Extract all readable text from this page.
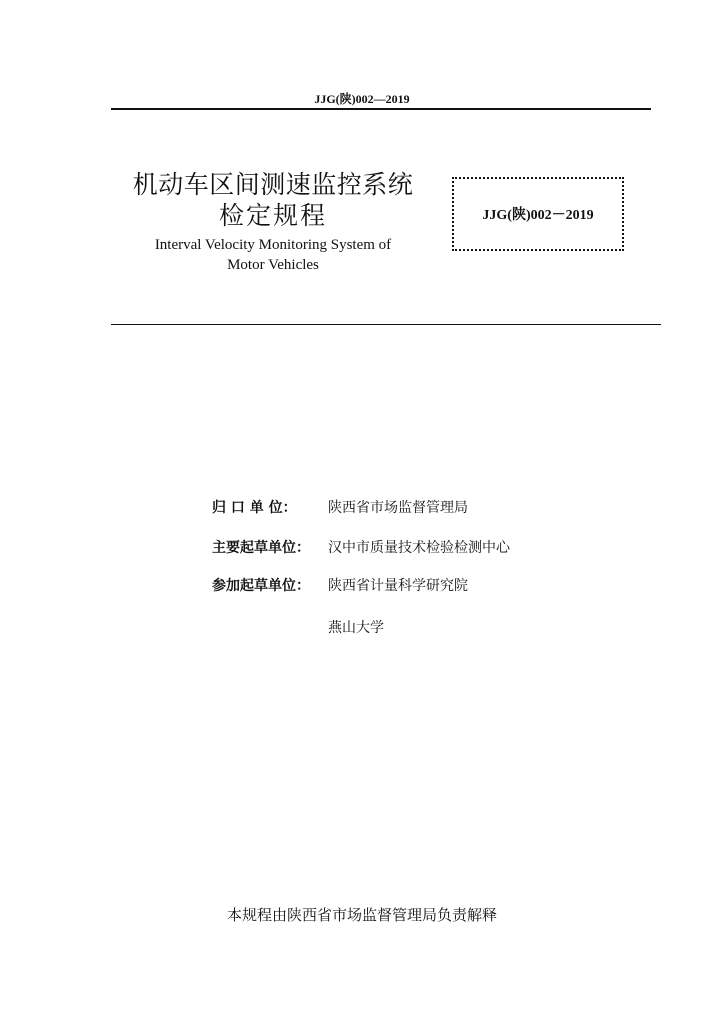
JJG(陕)002—2019
机动车区间测速监控系统
检定规程
Interval Velocity Monitoring System of
Motor Vehicles
JJG(陕)002－2019
归 口 单 位：	陕西省市场监督管理局
主要起草单位：	汉中市质量技术检验检测中心
参加起草单位：	陕西省计量科学研究院
燕山大学
本规程由陕西省市场监督管理局负责解释
